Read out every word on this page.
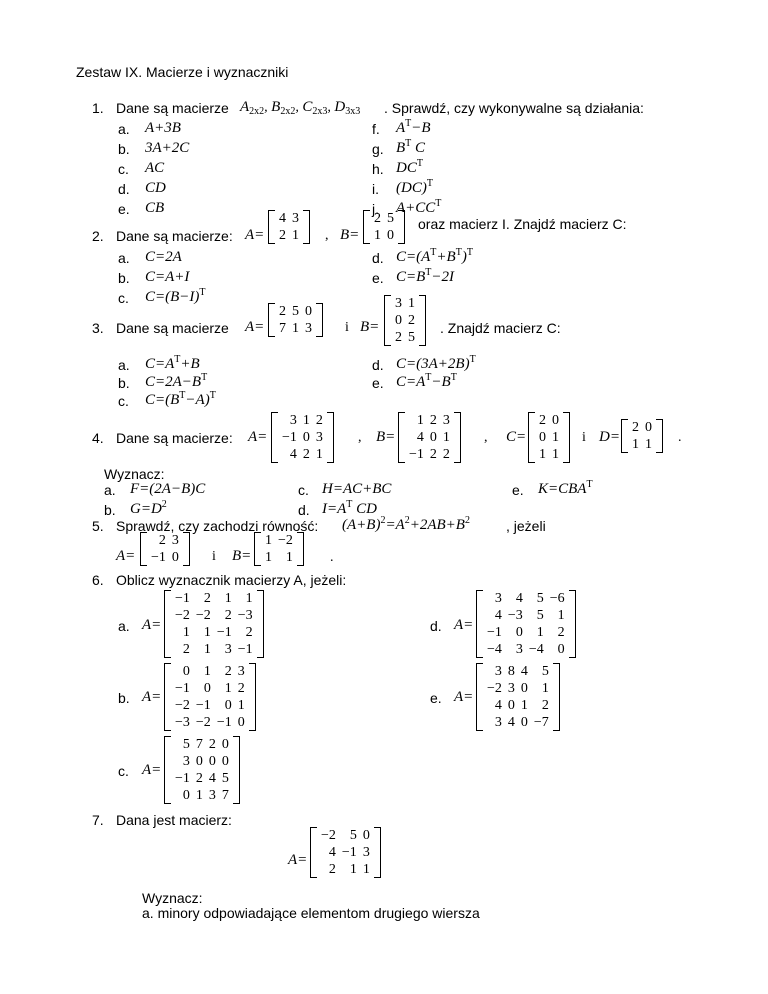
Zestaw IX. Macierze i wyznaczniki
1. Dane są macierze $A_{2x2}$, $B_{2x2}$, $C_{2x3}$, $D_{3x3}$ . Sprawdź, czy wykonywalne są działania:
a. A+3B
b. 3A+2C
c. AC
d. CD
e. CB
f. $A^T-B$
g. $B^T$ C
h. $DC^T$
i. (DC)$^T$
j. $A+CC^T$
2. Dane są macierze: A=
4 3
2 1 , B=
2 5
1 0
oraz macierz I. Znajdź macierz C:
a. C=2A
b. C=A+I
c. $C=(B-I)^T$
d. $C=(A^T+B^T)^T$
e. $C=B^T-2I$
3. Dane są macierze A=
2 5 0
7 1 3 i B=
3 1
0 2
2 5
. Znajdź macierz C:
a. $C=A^T+B$
b. $C=2A-B^T$
c. $C=(B^T-A)^T$
d. $C=(3A+2B)^T$
e. $C=A^T-B^T$
4. Dane są macierze: A=
3 1 2
−1 0 3
4 2 1
, B=
1 2 3
4 0 1
−1 2 2
, C=
2 0
0 1
1 1
i D=
2 0
1 1 .
Wyznacz:
a. F=(2A−B)C	c. H=AC+BC	e. $K=CBA^T$
b. $G=D^2$	d. $I=A^T$ CD
5. Sprawdź, czy zachodzi równość: $(A+B)^2=A^2+2AB+B^2$	, jeżeli
A=
2 3
−1 0 i B=
1 −2
1 1	.
6. Oblicz wyznacznik macierzy A, jeżeli:
a. A=
−1 2 1 1
−2 −2 2 −3
1 1 −1 2
2 1 3 −1
d. A=
3 4 5 −6
4 −3 5 1
−1 0 1 2
−4 3 −4 0
b. A=
0 1 2 3
−1 0 1 2
−2 −1 0 1
−3 −2 −1 0
e. A=
3 8 4 5
−2 3 0 1
4 0 1 2
3 4 0 −7
c. A=
5 7 2 0
3 0 0 0
−1 2 4 5
0 1 3 7
7. Dana jest macierz:
A=
−2 5 0
4 −1 3
2 1 1
Wyznacz:
a. minory odpowiadające elementom drugiego wiersza
